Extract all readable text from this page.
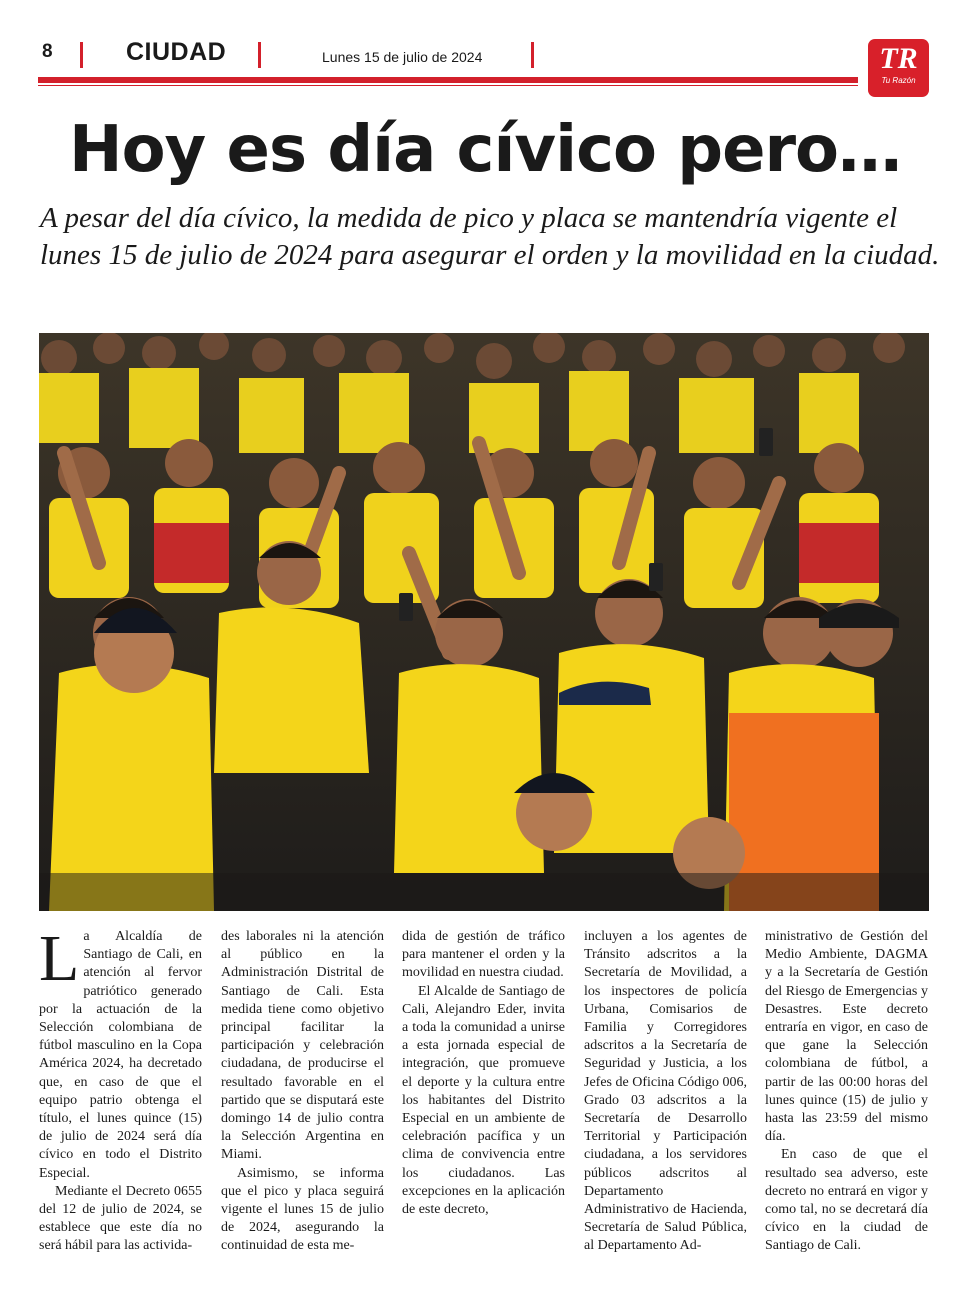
8	CIUDAD	Lunes 15 de julio de 2024	TR
Tu Razón
Hoy es día cívico pero…

A pesar del día cívico, la medida de pico y placa se mantendría vigente el lunes 15 de julio de 2024 para asegurar el orden y la movilidad en la ciudad.

La Alcaldía de Santiago de Cali, en atención al fervor patriótico generado por la actuación de la Selección colombiana de fútbol masculino en la Copa América 2024, ha decretado que, en caso de que el equipo patrio obtenga el título, el lunes quince (15) de julio de 2024 será día cívico en todo el Distrito Especial.

Mediante el Decreto 0655 del 12 de julio de 2024, se establece que este día no será hábil para las activida-

des laborales ni la atención al público en la Administración Distrital de Santiago de Cali. Esta medida tiene como objetivo principal facilitar la participación y celebración ciudadana, de producirse el resultado favorable en el partido que se disputará este domingo 14 de julio contra la Selección Argentina en Miami.

Asimismo, se informa que el pico y placa seguirá vigente el lunes 15 de julio de 2024, asegurando la continuidad de esta me-

dida de gestión de tráfico para mantener el orden y la movilidad en nuestra ciudad.

El Alcalde de Santiago de Cali, Alejandro Eder, invita a toda la comunidad a unirse a esta jornada especial de integración, que promueve el deporte y la cultura entre los habitantes del Distrito Especial en un ambiente de celebración pacífica y un clima de convivencia entre los ciudadanos. Las excepciones en la aplicación de este decreto,

incluyen a los agentes de Tránsito adscritos a la Secretaría de Movilidad, a los inspectores de policía Urbana, Comisarios de Familia y Corregidores adscritos a la Secretaría de Seguridad y Justicia, a los Jefes de Oficina Código 006, Grado 03 adscritos a la Secretaría de Desarrollo Territorial y Participación ciudadana, a los servidores públicos adscritos al Departamento Administrativo de Hacienda, Secretaría de Salud Pública, al Departamento Ad-

ministrativo de Gestión del Medio Ambiente, DAGMA y a la Secretaría de Gestión del Riesgo de Emergencias y Desastres. Este decreto entraría en vigor, en caso de que gane la Selección colombiana de fútbol, a partir de las 00:00 horas del lunes quince (15) de julio y hasta las 23:59 del mismo día.

En caso de que el resultado sea adverso, este decreto no entrará en vigor y como tal, no se decretará día cívico en la ciudad de Santiago de Cali.
